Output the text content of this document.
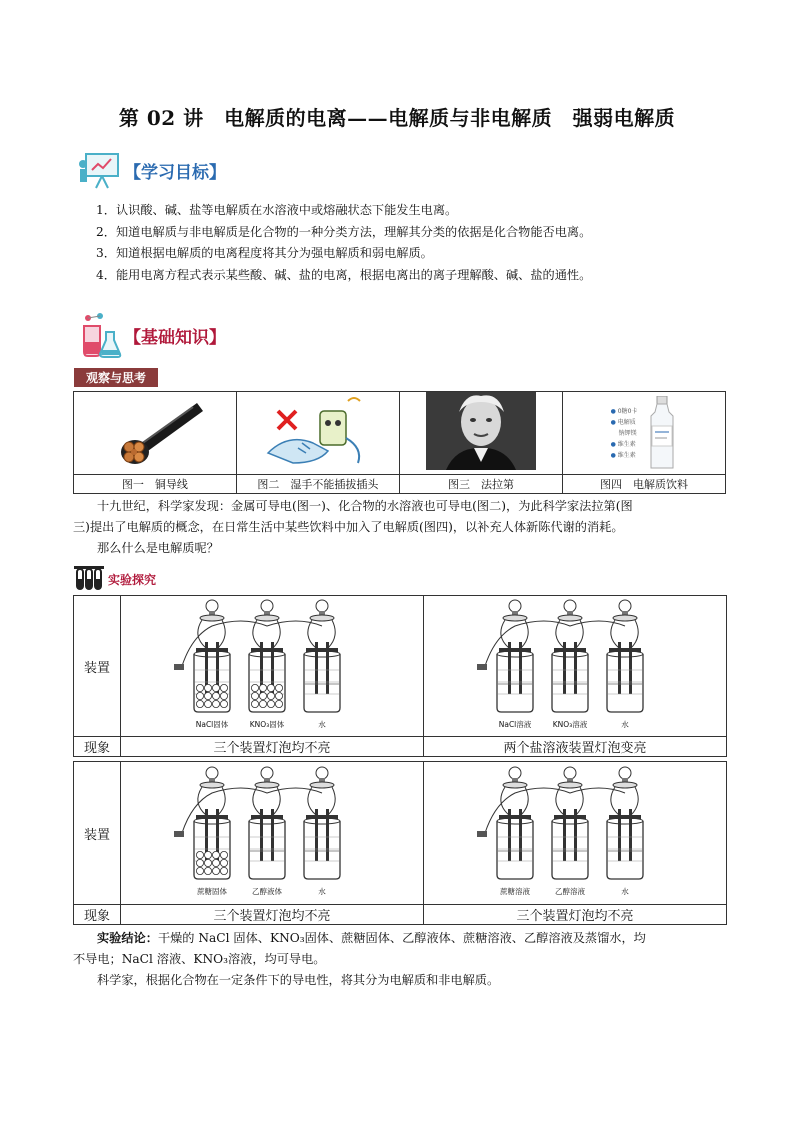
第 02 讲　电解质的电离——电解质与非电解质　强弱电解质
【学习目标】
1．认识酸、碱、盐等电解质在水溶液中或熔融状态下能发生电离。
2．知道电解质与非电解质是化合物的一种分类方法，理解其分类的依据是化合物能否电离。
3．知道根据电解质的电离程度将其分为强电解质和弱电解质。
4．能用电离方程式表示某些酸、碱、盐的电离，根据电离出的离子理解酸、碱、盐的通性。
【基础知识】
观察与思考

● 0糖0卡
● 电解质
钠钾镁
● 维生素
● 维生素

图一　铜导线	图二　湿手不能插拔插头	图三　法拉第	图四　电解质饮料
十九世纪，科学家发现：金属可导电(图一)、化合物的水溶液也可导电(图二)，为此科学家法拉第(图
三)提出了电解质的概念，在日常生活中某些饮料中加入了电解质(图四)，以补充人体新陈代谢的消耗。
那么什么是电解质呢？
实验探究
装置	NaCl固体 KNO₃固体 水	NaCl溶液 KNO₃溶液 水

现象	三个装置灯泡均不亮	两个盐溶液装置灯泡变亮

装置	蔗糖固体 乙醇液体 水	蔗糖溶液 乙醇溶液 水

现象	三个装置灯泡均不亮	三个装置灯泡均不亮
实验结论：干燥的 NaCl 固体、KNO₃固体、蔗糖固体、乙醇液体、蔗糖溶液、乙醇溶液及蒸馏水，均
不导电；NaCl 溶液、KNO₃溶液，均可导电。
科学家，根据化合物在一定条件下的导电性，将其分为电解质和非电解质。
